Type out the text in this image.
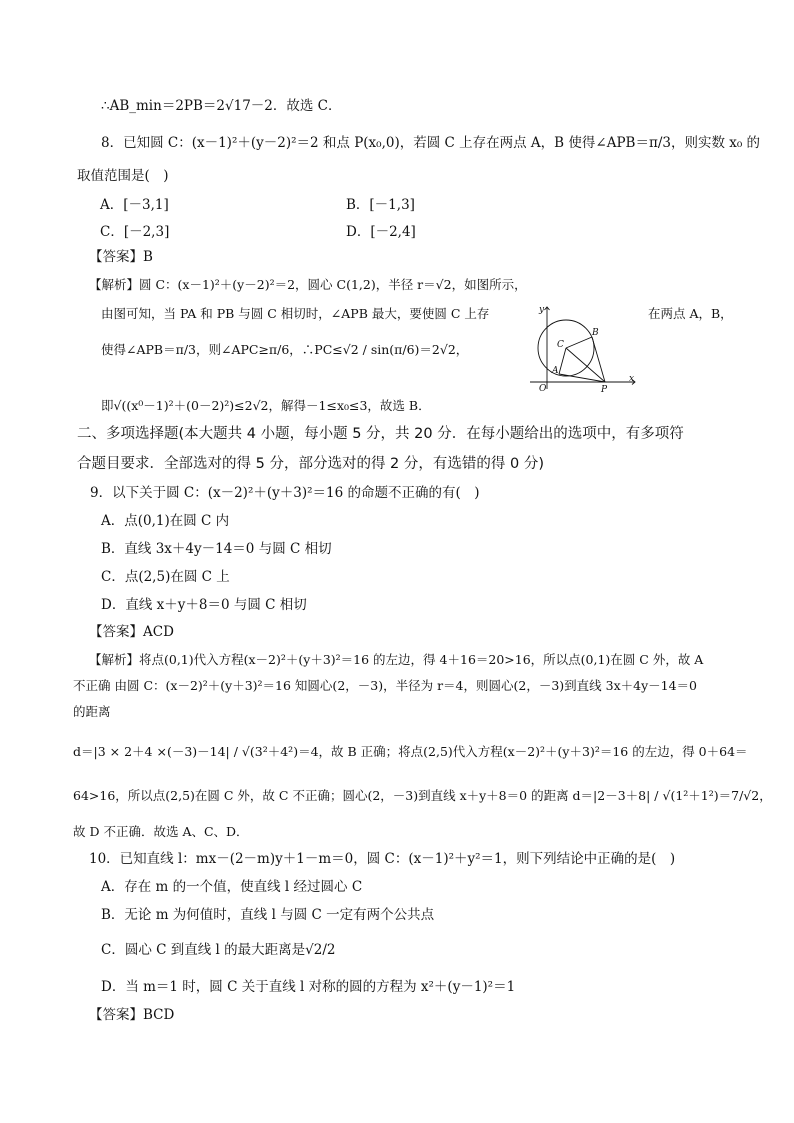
∴AB_min＝2PB＝2√17－2．故选 C．
8．已知圆 C：(x－1)²＋(y－2)²＝2 和点 P(x₀,0)，若圆 C 上存在两点 A，B 使得∠APB＝π/3，则实数 x₀ 的
取值范围是(　)
A．[－3,1]	B．[－1,3]
C．[－2,3]	D．[－2,4]
【答案】B
【解析】圆 C：(x－1)²＋(y－2)²＝2，圆心 C(1,2)，半径 r＝√2，如图所示，
由图可知，当 PA 和 PB 与圆 C 相切时，∠APB 最大，要使圆 C 上存	在两点 A，B，
使得∠APB＝π/3，则∠APC≥π/6，∴PC≤√2 / sin(π/6)＝2√2，
即√((x⁰－1)²＋(0－2)²)≤2√2，解得－1≤x₀≤3，故选 B．
y
x
O
C
B
A
P
二、多项选择题(本大题共 4 小题，每小题 5 分，共 20 分．在每小题给出的选项中，有多项符
合题目要求．全部选对的得 5 分，部分选对的得 2 分，有选错的得 0 分)
9．以下关于圆 C：(x－2)²＋(y＋3)²＝16 的命题不正确的有(　)
A．点(0,1)在圆 C 内
B．直线 3x＋4y－14＝0 与圆 C 相切
C．点(2,5)在圆 C 上
D．直线 x＋y＋8＝0 与圆 C 相切
【答案】ACD
【解析】将点(0,1)代入方程(x－2)²＋(y＋3)²＝16 的左边，得 4＋16＝20>16，所以点(0,1)在圆 C 外，故 A
不正确 由圆 C：(x－2)²＋(y＋3)²＝16 知圆心(2，－3)，半径为 r＝4，则圆心(2，－3)到直线 3x＋4y－14＝0
的距离
d＝|3 × 2＋4 ×(－3)－14| / √(3²＋4²)＝4，故 B 正确；将点(2,5)代入方程(x－2)²＋(y＋3)²＝16 的左边，得 0＋64＝
64>16，所以点(2,5)在圆 C 外，故 C 不正确；圆心(2，－3)到直线 x＋y＋8＝0 的距离 d＝|2－3＋8| / √(1²＋1²)＝7/√2，
故 D 不正确．故选 A、C、D．
10．已知直线 l：mx－(2－m)y＋1－m＝0，圆 C：(x－1)²＋y²＝1，则下列结论中正确的是(　)
A．存在 m 的一个值，使直线 l 经过圆心 C
B．无论 m 为何值时，直线 l 与圆 C 一定有两个公共点
C．圆心 C 到直线 l 的最大距离是√2/2
D．当 m＝1 时，圆 C 关于直线 l 对称的圆的方程为 x²＋(y－1)²＝1
【答案】BCD
